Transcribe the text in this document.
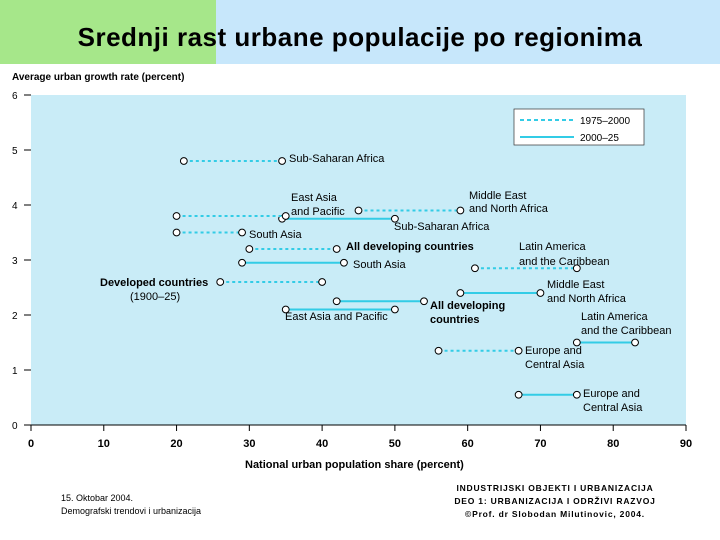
Srednji rast urbane populacije po regionima
0
1
2
3
4
5
6
0	10	20	30	40	50	60	70	80	90
Average urban growth rate (percent)
National urban population share (percent)
1975–2000
2000–25
Sub-Saharan Africa
East Asia
and Pacific
Middle East
and North Africa
Sub-Saharan Africa
South Asia
All developing countries	Latin America
and the Caribbean
South Asia
Developed countries
(1900–25)
Middle East
and North Africa
All developing
countries
East Asia and Pacific	Latin America
and the Caribbean
Europe and
Central Asia
Europe and
Central Asia
15. Oktobar 2004.
Demografski trendovi i urbanizacija
INDUSTRIJSKI OBJEKTI I URBANIZACIJA
DEO 1: URBANIZACIJA I ODRŽIVI RAZVOJ
©Prof. dr Slobodan Milutinovic, 2004.
